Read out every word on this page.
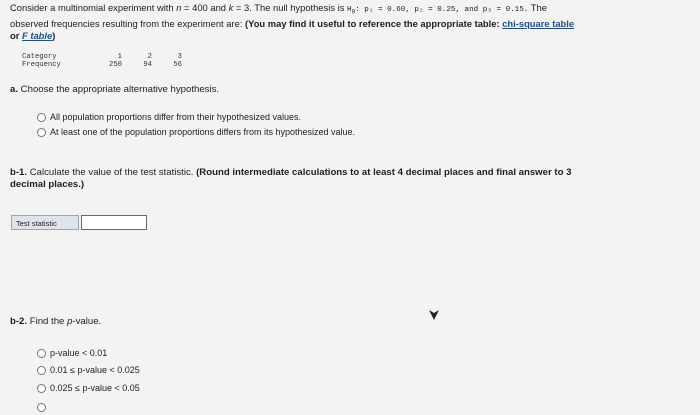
Consider a multinomial experiment with n = 400 and k = 3. The null hypothesis is $H_0$: p₁ = 0.60, p₂ = 0.25, and p₃ = 0.15. The
observed frequencies resulting from the experiment are: (You may find it useful to reference the appropriate table: chi-square table
or F table)
Category	1	2	3
Frequency	250	94	56
a. Choose the appropriate alternative hypothesis.
All population proportions differ from their hypothesized values.
At least one of the population proportions differs from its hypothesized value.
b-1. Calculate the value of the test statistic. (Round intermediate calculations to at least 4 decimal places and final answer to 3
decimal places.)
Test statistic
b-2. Find the p-value.
p-value < 0.01
0.01 ≤ p-value < 0.025
0.025 ≤ p-value < 0.05
